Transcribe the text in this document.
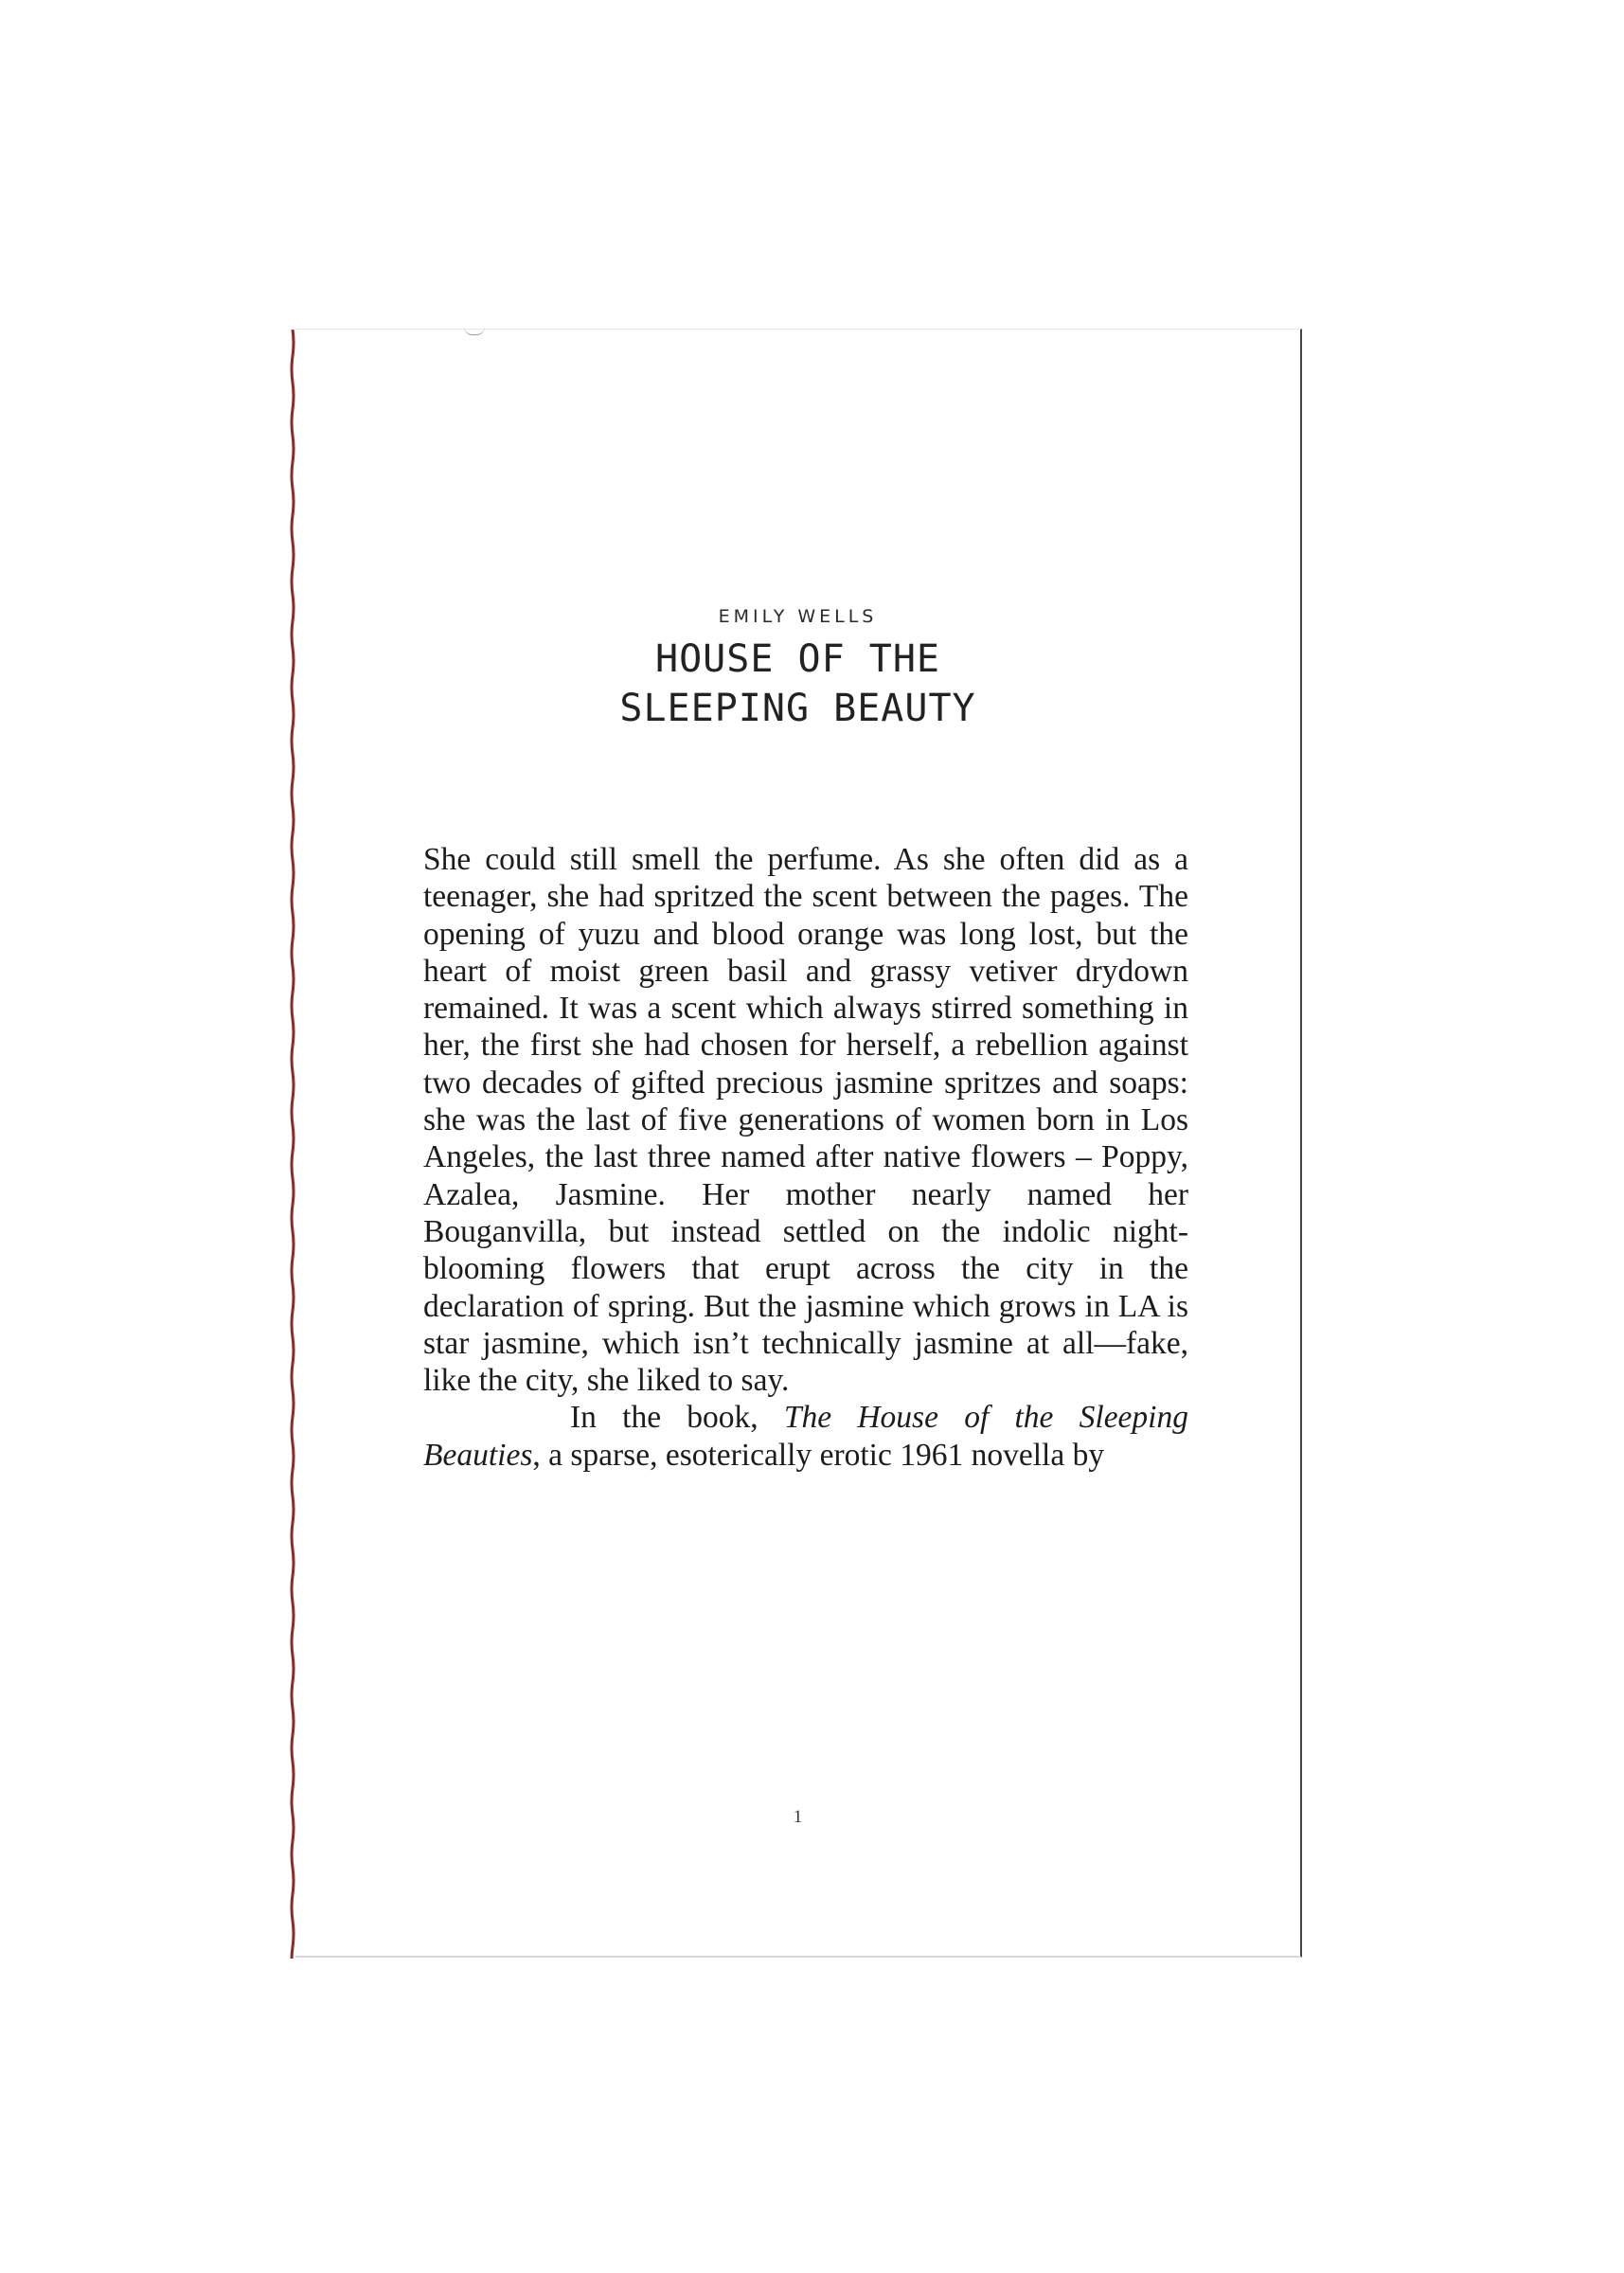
EMILY WELLS
HOUSE OF THE
SLEEPING BEAUTY

She could still smell the perfume. As she often did as a teenager, she had spritzed the scent between the pages. The opening of yuzu and blood orange was long lost, but the heart of moist green basil and grassy vetiver drydown remained. It was a scent which always stirred something in her, the first she had chosen for herself, a rebellion against two decades of gifted precious jasmine spritzes and soaps: she was the last of five generations of women born in Los Angeles, the last three named after native flowers – Poppy, Azalea, Jasmine. Her mother nearly named her Bouganvilla, but instead settled on the indolic night-blooming flowers that erupt across the city in the declaration of spring. But the jasmine which grows in LA is star jasmine, which isn’t technically jasmine at all—fake, like the city, she liked to say.

In the book, The House of the Sleeping Beauties, a sparse, esoterically erotic 1961 novella by

1
